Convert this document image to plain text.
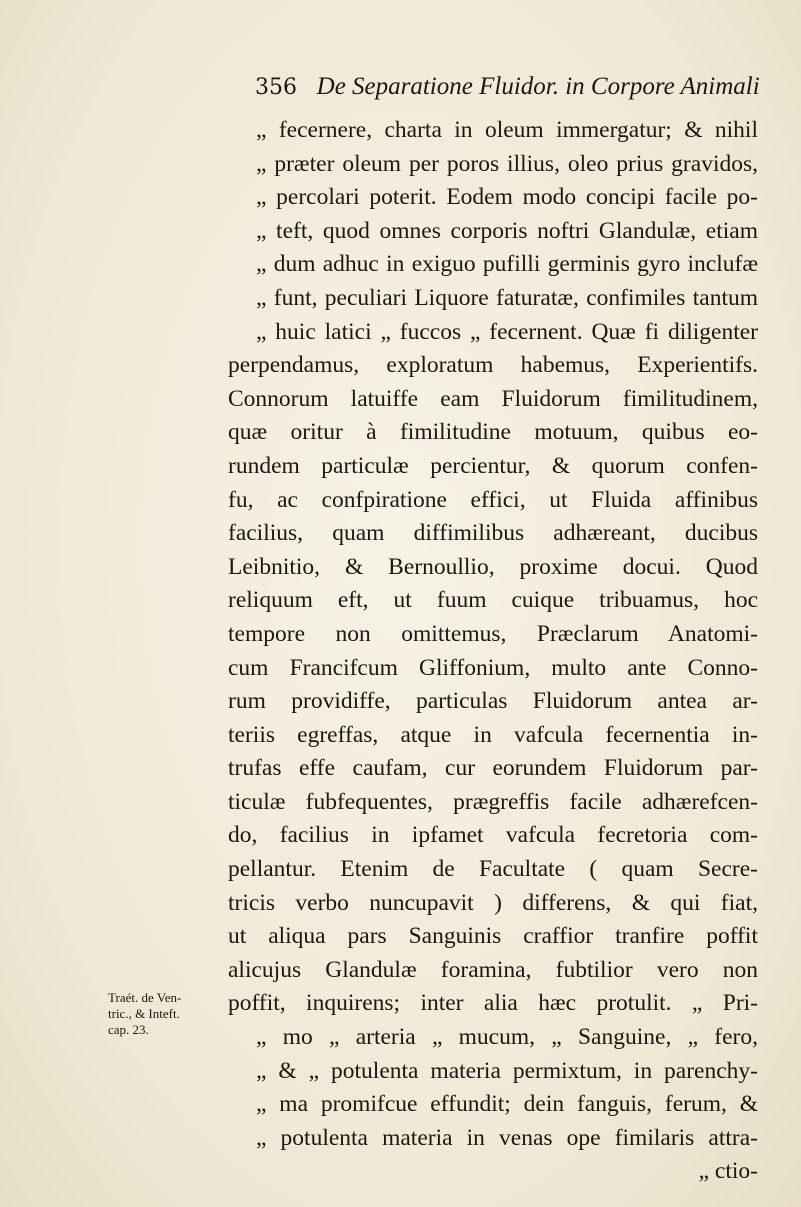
356 De Separatione Fluidor. in Corpore Animali
„ fecernere, charta in oleum immergatur; & nihil
„ præter oleum per poros illius, oleo prius gravidos,
„ percolari poterit. Eodem modo concipi facile po-
„ teft, quod omnes corporis noftri Glandulæ, etiam
„ dum adhuc in exiguo pufilli germinis gyro inclufæ
„ funt, peculiari Liquore faturatæ, confimiles tantum
„ huic latici „ fuccos „ fecernent. Quæ fi diligenter
perpendamus, exploratum habemus, Experientifs.
Connorum latuiffe eam Fluidorum fimilitudinem,
quæ oritur à fimilitudine motuum, quibus eo-
rundem particulæ percientur, & quorum confen-
fu, ac confpiratione effici, ut Fluida affinibus
facilius, quam diffimilibus adhæreant, ducibus
Leibnitio, & Bernoullio, proxime docui. Quod
reliquum eft, ut fuum cuique tribuamus, hoc
tempore non omittemus, Præclarum Anatomi-
cum Francifcum Gliffonium, multo ante Conno-
rum providiffe, particulas Fluidorum antea ar-
teriis egreffas, atque in vafcula fecernentia in-
trufas effe caufam, cur eorundem Fluidorum par-
ticulæ fubfequentes, prægreffis facile adhærefcen-
do, facilius in ipfamet vafcula fecretoria com-
pellantur. Etenim de Facultate ( quam Secre-
tricis verbo nuncupavit ) differens, & qui fiat,
ut aliqua pars Sanguinis craffior tranfire poffit
alicujus Glandulæ foramina, fubtilior vero non
poffit, inquirens; inter alia hæc protulit. „ Pri-
„ mo „ arteria „ mucum, „ Sanguine, „ fero,
„ & „ potulenta materia permixtum, in parenchy-
„ ma promifcue effundit; dein fanguis, ferum, &
„ potulenta materia in venas ope fimilaris attra-
„ ctio-
Traét. de Ven-
tric., & Inteft.
cap. 23.
